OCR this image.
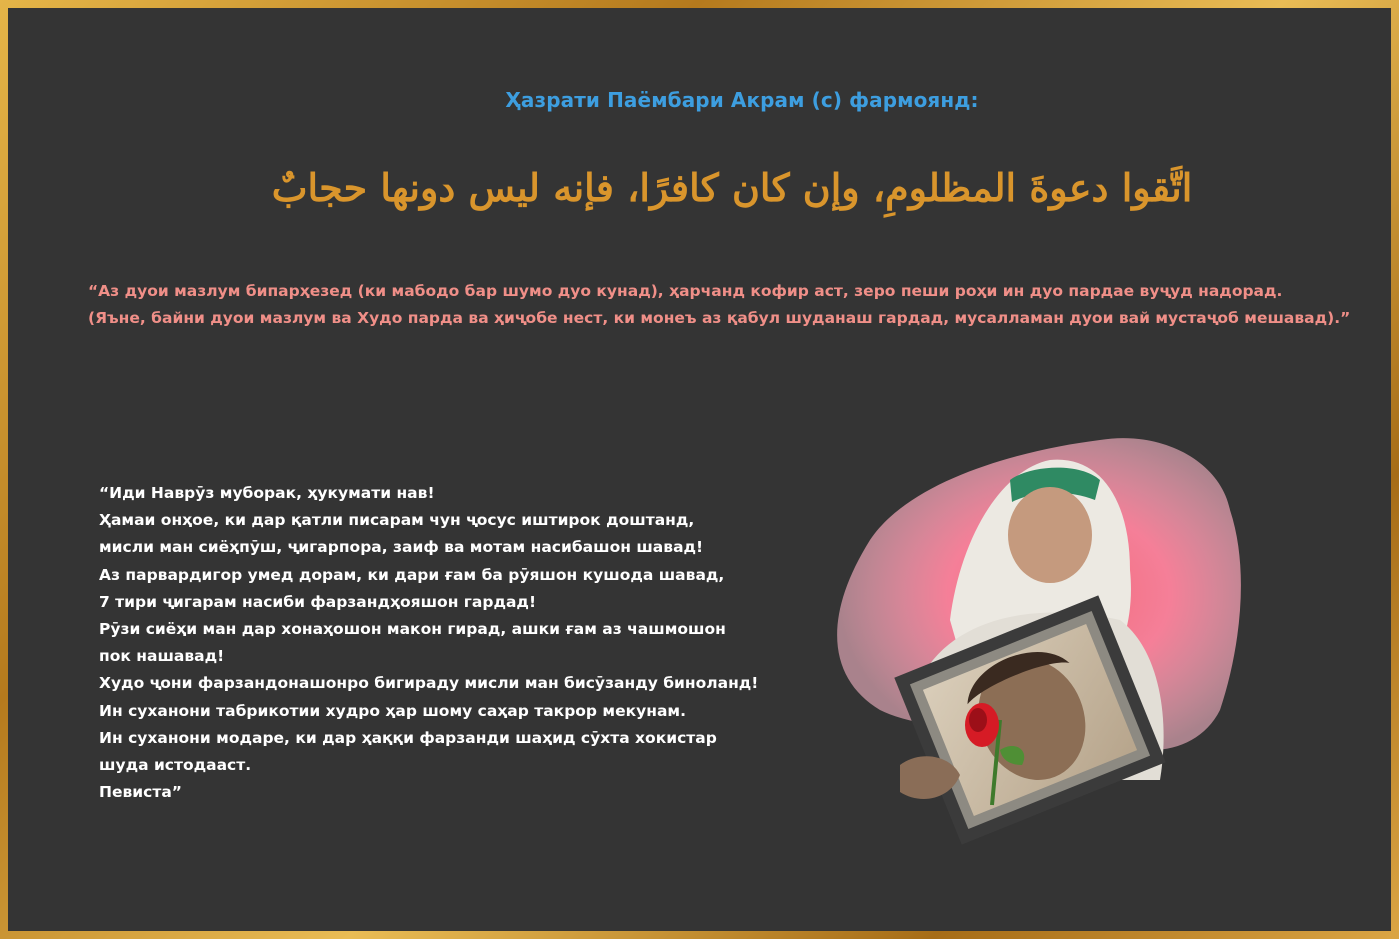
Ҳазрати Паёмбари Акрам (с) фармоянд:
اتَّقوا دعوةَ المظلومِ، وإن كان كافرًا، فإنه ليس دونها حجابٌ
“Аз дуои мазлум бипарҳезед (ки мабодо бар шумо дуо кунад), ҳарчанд кофир аст, зеро пеши роҳи ин дуо пардае вуҷуд надорад.
(Яъне, байни дуои мазлум ва Худо парда ва ҳиҷобе нест, ки монеъ аз қабул шуданаш гардад, мусалламан дуои вай мустаҷоб мешавад).”
“Иди Наврӯз муборак, ҳукумати нав!
Ҳамаи онҳое, ки дар қатли писарам чун ҷосус иштирок доштанд,
мисли ман сиёҳпӯш, ҷигарпора, заиф ва мотам насибашон шавад!
Аз парвардигор умед дорам, ки дари ғам ба рӯяшон кушода шавад,
7 тири ҷигарам насиби фарзандҳояшон гардад!
Рӯзи сиёҳи ман дар хонаҳошон макон гирад, ашки ғам аз чашмошон
пок нашавад!
Худо ҷони фарзандонашонро бигираду мисли ман бисӯзанду биноланд!
Ин суханони табрикотии худро ҳар шому саҳар такрор мекунам.
Ин суханони модаре, ки дар ҳаққи фарзанди шаҳид сӯхта хокистар
шуда истодааст.
Певиста”
